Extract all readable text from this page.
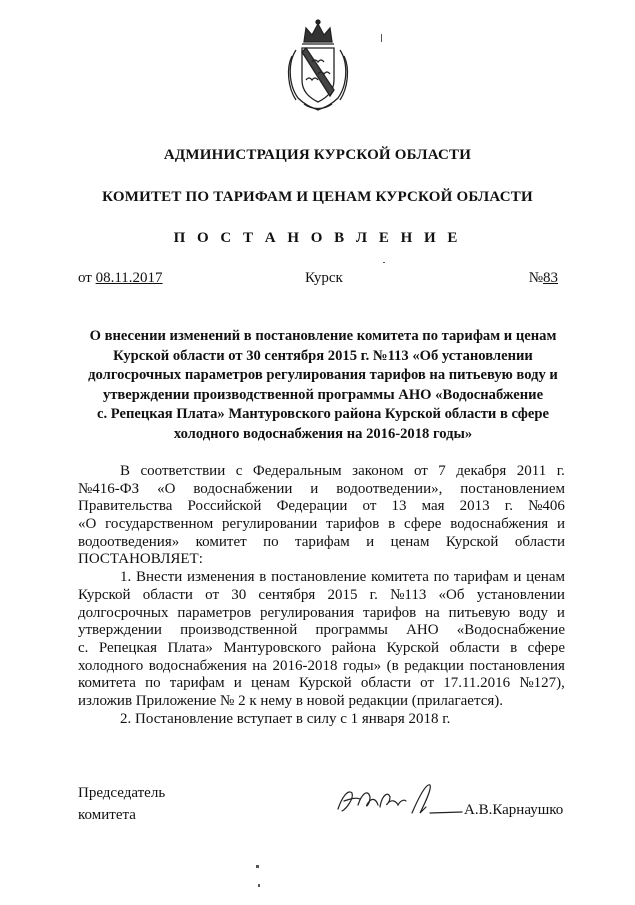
АДМИНИСТРАЦИЯ КУРСКОЙ ОБЛАСТИ
КОМИТЕТ ПО ТАРИФАМ И ЦЕНАМ КУРСКОЙ ОБЛАСТИ
П О С Т А Н О В Л Е Н И Е
от 08.11.2017	Курск	№83
О внесении изменений в постановление комитета по тарифам и ценам
Курской области от 30 сентября 2015 г. №113 «Об установлении
долгосрочных параметров регулирования тарифов на питьевую воду и
утверждении производственной программы АНО «Водоснабжение
с. Репецкая Плата» Мантуровского района Курской области в сфере
холодного водоснабжения на 2016-2018 годы»
В соответствии с Федеральным законом от 7 декабря 2011 г.
№416-ФЗ «О водоснабжении и водоотведении», постановлением
Правительства Российской Федерации от 13 мая 2013 г. №406
«О государственном регулировании тарифов в сфере водоснабжения и
водоотведения» комитет по тарифам и ценам Курской области
ПОСТАНОВЛЯЕТ:
1. Внести изменения в постановление комитета по тарифам и ценам
Курской области от 30 сентября 2015 г. №113 «Об установлении
долгосрочных параметров регулирования тарифов на питьевую воду и
утверждении производственной программы АНО «Водоснабжение
с. Репецкая Плата» Мантуровского района Курской области в сфере
холодного водоснабжения на 2016-2018 годы» (в редакции постановления
комитета по тарифам и ценам Курской области от 17.11.2016 №127),
изложив Приложение № 2 к нему в новой редакции (прилагается).
2. Постановление вступает в силу с 1 января 2018 г.
Председатель
комитета	А.В.Карнаушко
